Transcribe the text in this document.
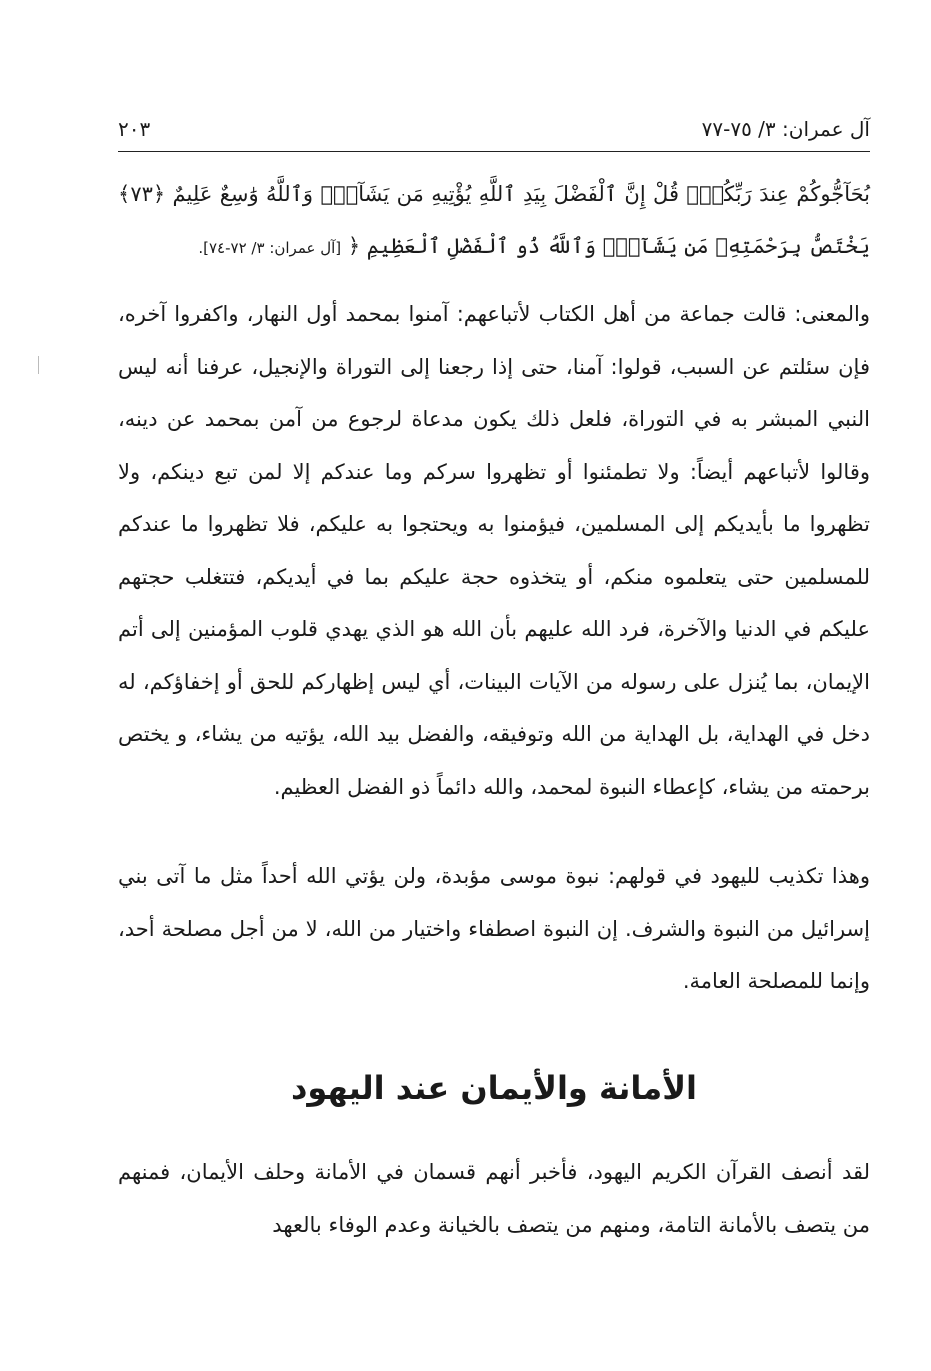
آل عمران: ٣/ ٧٥-٧٧
٢٠٣
بُحَآجُّوكُمْ عِندَ رَبِّكُمْۗ قُلْ إِنَّ ٱلْفَضْلَ بِيَدِ ٱللَّهِ يُؤْتِيهِ مَن يَشَآءُۗ وَٱللَّهُ وَٰسِعٌ عَلِيمٌ ﴿٧٣﴾ يَخْتَصُّ بِرَحْمَتِهِۦ مَن يَشَآءُۗ وَٱللَّهُ ذُو ٱلْفَضْلِ ٱلْعَظِيمِ ﴿ [آل عمران: ٣/ ٧٢-٧٤].

والمعنى: قالت جماعة من أهل الكتاب لأتباعهم: آمنوا بمحمد أول النهار، واكفروا آخره، فإن سئلتم عن السبب، قولوا: آمنا، حتى إذا رجعنا إلى التوراة والإنجيل، عرفنا أنه ليس النبي المبشر به في التوراة، فلعل ذلك يكون مدعاة لرجوع من آمن بمحمد عن دينه، وقالوا لأتباعهم أيضاً: ولا تطمئنوا أو تظهروا سركم وما عندكم إلا لمن تبع دينكم، ولا تظهروا ما بأيديكم إلى المسلمين، فيؤمنوا به ويحتجوا به عليكم، فلا تظهروا ما عندكم للمسلمين حتى يتعلموه منكم، أو يتخذوه حجة عليكم بما في أيديكم، فتتغلب حجتهم عليكم في الدنيا والآخرة، فرد الله عليهم بأن الله هو الذي يهدي قلوب المؤمنين إلى أتم الإيمان، بما يُنزل على رسوله من الآيات البينات، أي ليس إظهاركم للحق أو إخفاؤكم، له دخل في الهداية، بل الهداية من الله وتوفيقه، والفضل بيد الله، يؤتيه من يشاء، و يختص برحمته من يشاء، كإعطاء النبوة لمحمد، والله دائماً ذو الفضل العظيم.

وهذا تكذيب لليهود في قولهم: نبوة موسى مؤبدة، ولن يؤتي الله أحداً مثل ما آتى بني إسرائيل من النبوة والشرف. إن النبوة اصطفاء واختيار من الله، لا من أجل مصلحة أحد، وإنما للمصلحة العامة.

الأمانة والأيمان عند اليهود

لقد أنصف القرآن الكريم اليهود، فأخبر أنهم قسمان في الأمانة وحلف الأيمان، فمنهم من يتصف بالأمانة التامة، ومنهم من يتصف بالخيانة وعدم الوفاء بالعهد
